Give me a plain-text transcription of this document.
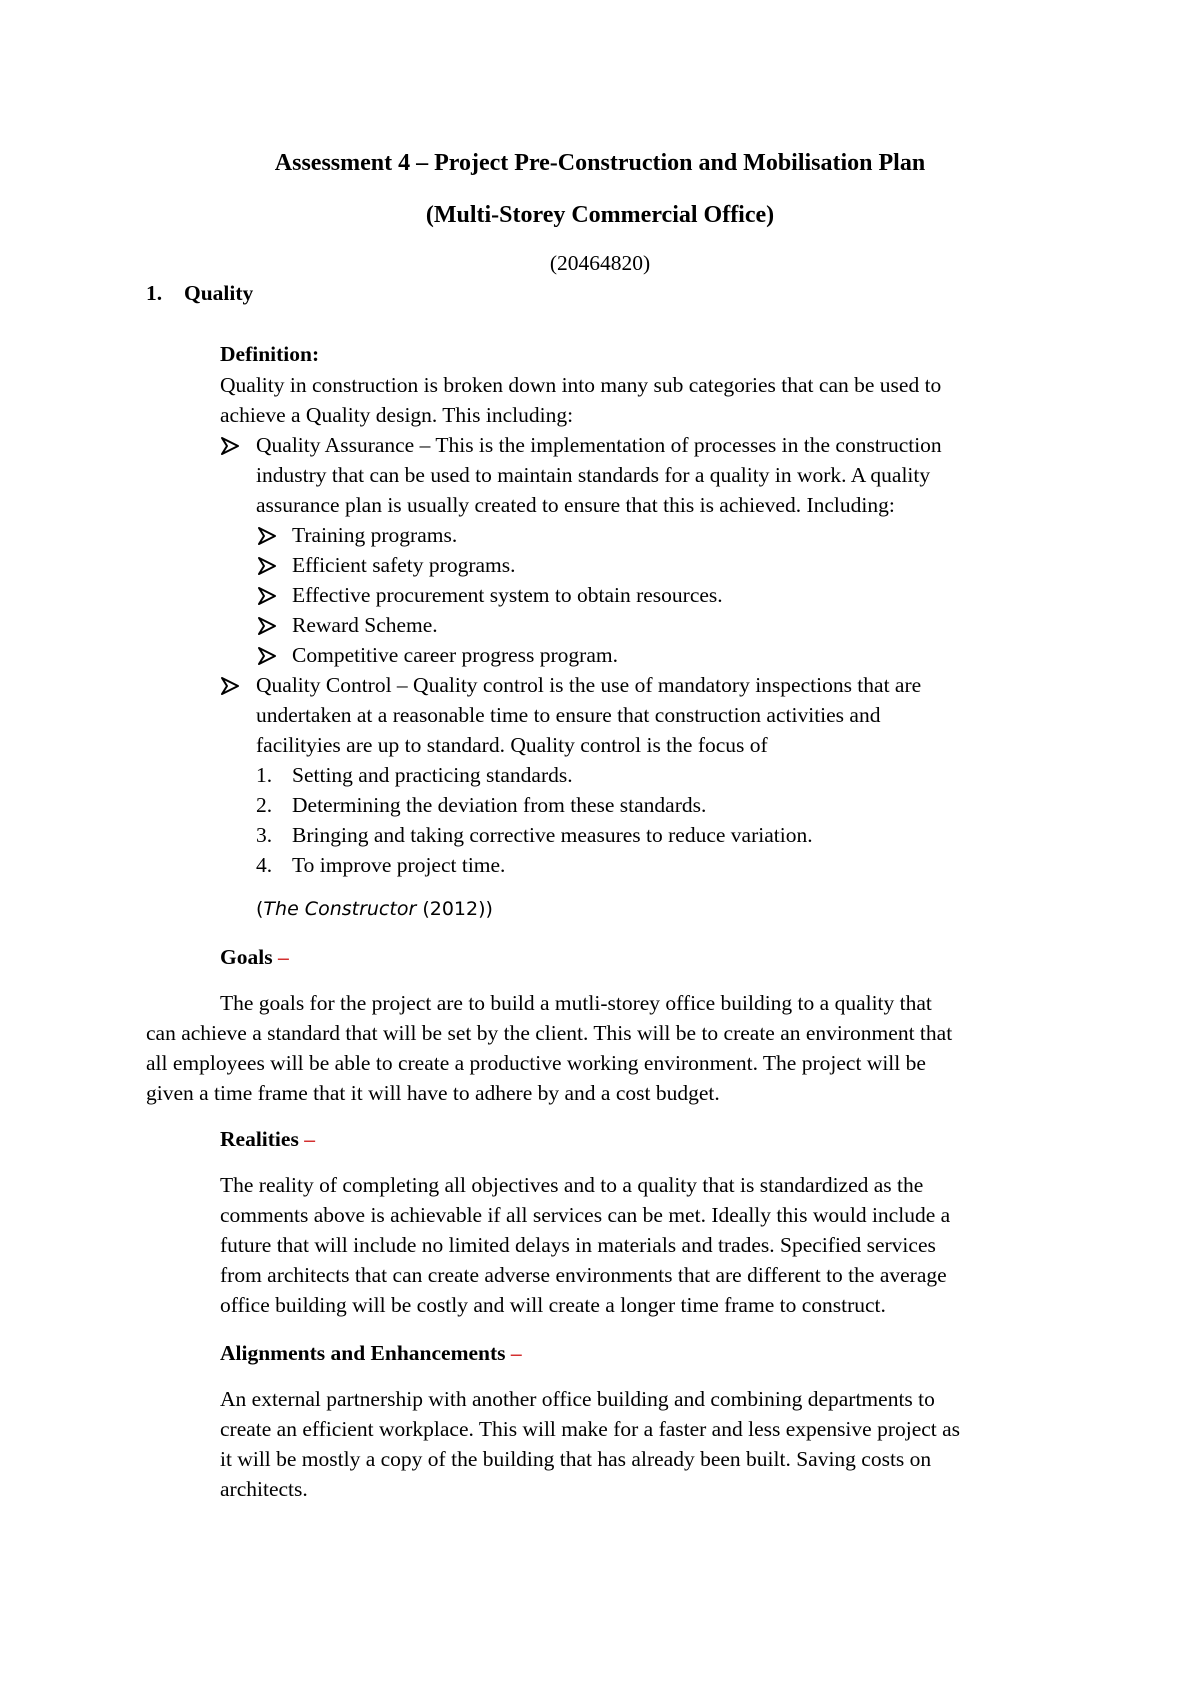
Assessment 4 – Project Pre-Construction and Mobilisation Plan
(Multi-Storey Commercial Office)
(20464820)
1. Quality
Definition:
Quality in construction is broken down into many sub categories that can be used to
achieve a Quality design. This including:
Quality Assurance – This is the implementation of processes in the construction
industry that can be used to maintain standards for a quality in work. A quality
assurance plan is usually created to ensure that this is achieved. Including:
Training programs.
Efficient safety programs.
Effective procurement system to obtain resources.
Reward Scheme.
Competitive career progress program.
Quality Control – Quality control is the use of mandatory inspections that are
undertaken at a reasonable time to ensure that construction activities and
facilityies are up to standard. Quality control is the focus of
1. Setting and practicing standards.
2. Determining the deviation from these standards.
3. Bringing and taking corrective measures to reduce variation.
4. To improve project time.
(The Constructor (2012))
Goals –
The goals for the project are to build a mutli-storey office building to a quality that
can achieve a standard that will be set by the client. This will be to create an environment that
all employees will be able to create a productive working environment. The project will be
given a time frame that it will have to adhere by and a cost budget.
Realities –
The reality of completing all objectives and to a quality that is standardized as the
comments above is achievable if all services can be met. Ideally this would include a
future that will include no limited delays in materials and trades. Specified services
from architects that can create adverse environments that are different to the average
office building will be costly and will create a longer time frame to construct.
Alignments and Enhancements –
An external partnership with another office building and combining departments to
create an efficient workplace. This will make for a faster and less expensive project as
it will be mostly a copy of the building that has already been built. Saving costs on
architects.
